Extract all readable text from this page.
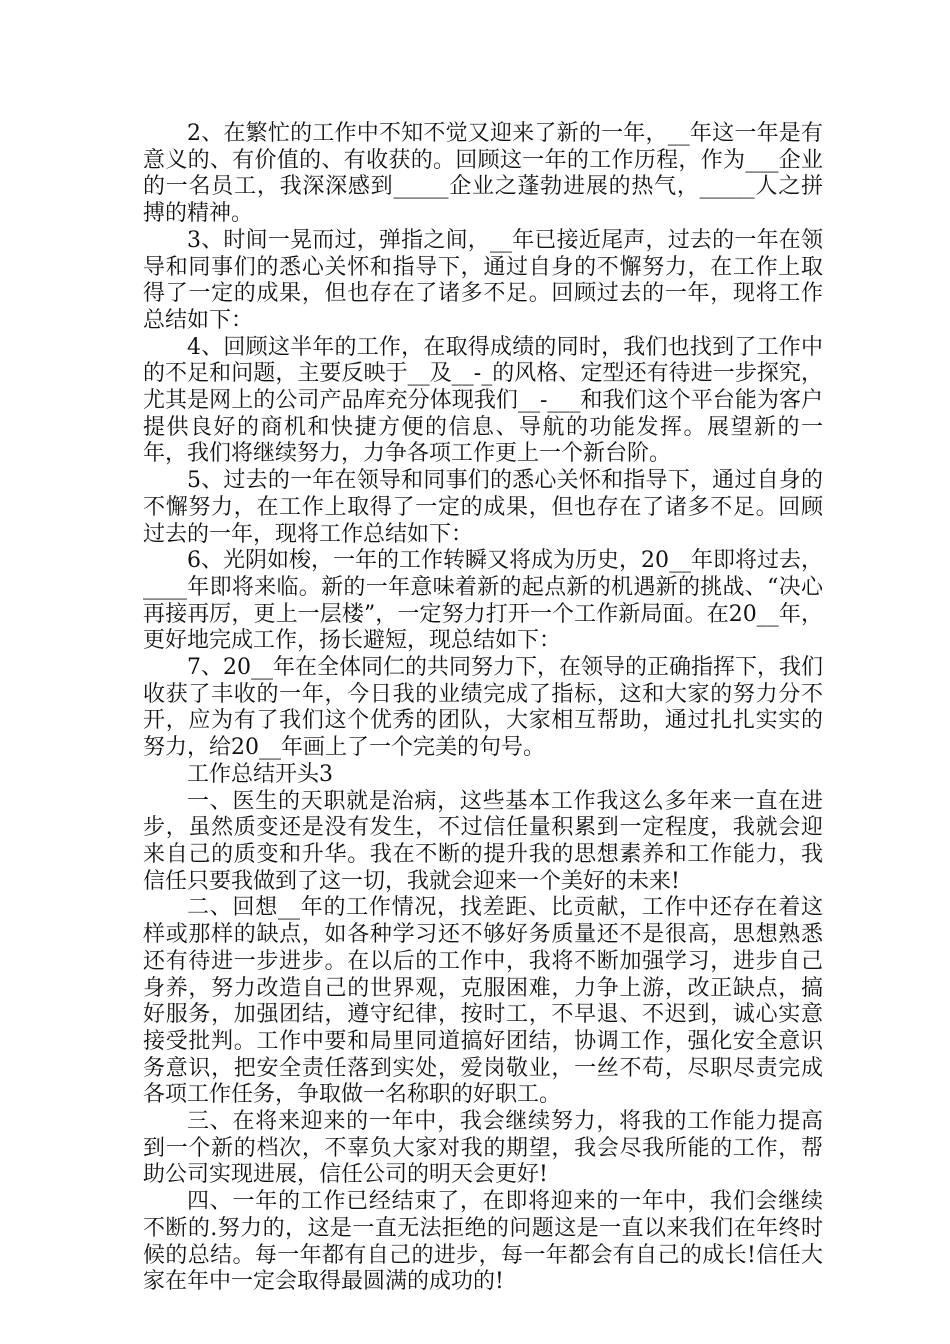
2、在繁忙的工作中不知不觉又迎来了新的一年，__年这一年是有意义的、有价值的、有收获的。回顾这一年的工作历程，作为___企业的一名员工，我深深感到_____企业之蓬勃进展的热气，_____人之拼搏的精神。

3、时间一晃而过，弹指之间，__年已接近尾声，过去的一年在领导和同事们的悉心关怀和指导下，通过自身的不懈努力，在工作上取得了一定的成果，但也存在了诸多不足。回顾过去的一年，现将工作总结如下：

4、回顾这半年的工作，在取得成绩的同时，我们也找到了工作中的不足和问题，主要反映于__及__-_的风格、定型还有待进一步探究，尤其是网上的公司产品库充分体现我们__-___和我们这个平台能为客户提供良好的商机和快捷方便的信息、导航的功能发挥。展望新的一年，我们将继续努力，力争各项工作更上一个新台阶。

5、过去的一年在领导和同事们的悉心关怀和指导下，通过自身的不懈努力，在工作上取得了一定的成果，但也存在了诸多不足。回顾过去的一年，现将工作总结如下：

6、光阴如梭，一年的工作转瞬又将成为历史，20__年即将过去，____年即将来临。新的一年意味着新的起点新的机遇新的挑战、“决心再接再厉，更上一层楼”，一定努力打开一个工作新局面。在20__年，更好地完成工作，扬长避短，现总结如下：

7、20__年在全体同仁的共同努力下，在领导的正确指挥下，我们收获了丰收的一年，今日我的业绩完成了指标，这和大家的努力分不开，应为有了我们这个优秀的团队，大家相互帮助，通过扎扎实实的努力，给20__年画上了一个完美的句号。

工作总结开头3

一、医生的天职就是治病，这些基本工作我这么多年来一直在进步，虽然质变还是没有发生，不过信任量积累到一定程度，我就会迎来自己的质变和升华。我在不断的提升我的思想素养和工作能力，我信任只要我做到了这一切，我就会迎来一个美好的未来!

二、回想__年的工作情况，找差距、比贡献，工作中还存在着这样或那样的缺点，如各种学习还不够好务质量还不是很高，思想熟悉还有待进一步进步。在以后的工作中，我将不断加强学习，进步自己身养，努力改造自己的世界观，克服困难，力争上游，改正缺点，搞好服务，加强团结，遵守纪律，按时工，不早退、不迟到，诚心实意接受批判。工作中要和局里同道搞好团结，协调工作，强化安全意识务意识，把安全责任落到实处，爱岗敬业，一丝不苟，尽职尽责完成各项工作任务，争取做一名称职的好职工。

三、在将来迎来的一年中，我会继续努力，将我的工作能力提高到一个新的档次，不辜负大家对我的期望，我会尽我所能的工作，帮助公司实现进展，信任公司的明天会更好!

四、一年的工作已经结束了，在即将迎来的一年中，我们会继续不断的.努力的，这是一直无法拒绝的问题这是一直以来我们在年终时候的总结。每一年都有自己的进步，每一年都会有自己的成长!信任大家在年中一定会取得最圆满的成功的!
